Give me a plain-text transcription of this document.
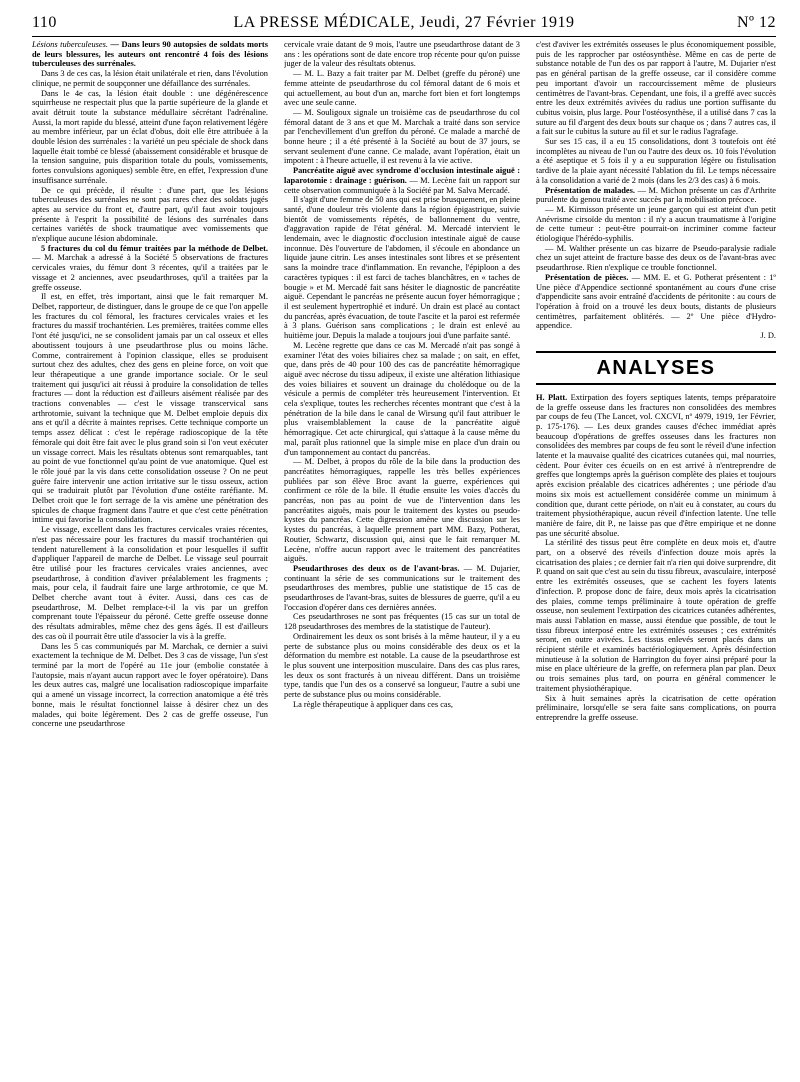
110	LA PRESSE MÉDICALE, Jeudi, 27 Février 1919	Nº 12

Lésions tuberculeuses. — Dans leurs 90 autopsies de soldats morts de leurs blessures, les auteurs ont rencontré 4 fois des lésions tuberculeuses des surrénales.

Dans 3 de ces cas, la lésion était unilatérale et rien, dans l'évolution clinique, ne permit de soupçonner une défaillance des surrénales.

Dans le 4e cas, la lésion était double : une dégénérescence squirrheuse ne respectait plus que la partie supérieure de la glande et avait détruit toute la substance médullaire sécrétant l'adrénaline. Aussi, la mort rapide du blessé, atteint d'une façon relativement légère au membre inférieur, par un éclat d'obus, doit elle être attribuée à la double lésion des surrénales : la variété un peu spéciale de shock dans laquelle était tombé ce blessé (abaissement considérable et brusque de la tension sanguine, puis disparition totale du pouls, vomissements, fortes convulsions agoniques) semble être, en effet, l'expression d'une insuffisance surrénale.

De ce qui précède, il résulte : d'une part, que les lésions tuberculeuses des surrénales ne sont pas rares chez des soldats jugés aptes au service du front et, d'autre part, qu'il faut avoir toujours présente à l'esprit la possibilité de lésions des surrénales dans certaines variétés de shock traumatique avec vomissements que n'explique aucune lésion abdominale.

5 fractures du col du fémur traitées par la méthode de Delbet. — M. Marchak a adressé à la Société 5 observations de fractures cervicales vraies, du fémur dont 3 récentes, qu'il a traitées par le vissage et 2 anciennes, avec pseudarthroses, qu'il a traitées par la greffe osseuse.

Il est, en effet, très important, ainsi que le fait remarquer M. Delbet, rapporteur, de distinguer, dans le groupe de ce que l'on appelle les fractures du col fémoral, les fractures cervicales vraies et les fractures du massif trochantérien. Les premières, traitées comme elles l'ont été jusqu'ici, ne se consolident jamais par un cal osseux et elles aboutissent toujours à une pseudarthrose plus ou moins lâche. Comme, contrairement à l'opinion classique, elles se produisent surtout chez des adultes, chez des gens en pleine force, on voit que leur thérapeutique a une grande importance sociale. Or le seul traitement qui jusqu'ici ait réussi à produire la consolidation de telles fractures — dont la réduction est d'ailleurs aisément réalisée par des tractions convenables — c'est le vissage transcervical sans arthrotomie, suivant la technique que M. Delbet emploie depuis dix ans et qu'il a décrite à maintes reprises. Cette technique comporte un temps assez délicat : c'est le repérage radioscopique de la tête fémorale qui doit être fait avec le plus grand soin si l'on veut exécuter un vissage correct. Mais les résultats obtenus sont remarquables, tant au point de vue fonctionnel qu'au point de vue anatomique. Quel est le rôle joué par la vis dans cette consolidation osseuse ? On ne peut guère faire intervenir une action irritative sur le tissu osseux, action qui se traduirait plutôt par l'évolution d'une ostéite raréfiante. M. Delbet croit que le fort serrage de la vis amène une pénétration des spicules de chaque fragment dans l'autre et que c'est cette pénétration intime qui favorise la consolidation.

Le vissage, excellent dans les fractures cervicales vraies récentes, n'est pas nécessaire pour les fractures du massif trochantérien qui tendent naturellement à la consolidation et pour lesquelles il suffit d'appliquer l'appareil de marche de Delbet. Le vissage seul pourrait être utilisé pour les fractures cervicales vraies anciennes, avec pseudarthrose, à condition d'aviver préalablement les fragments ; mais, pour cela, il faudrait faire une large arthrotomie, ce que M. Delbet cherche avant tout à éviter. Aussi, dans ces cas de pseudarthrose, M. Delbet remplace-t-il la vis par un greffon comprenant toute l'épaisseur du péroné. Cette greffe osseuse donne des résultats admirables, même chez des gens âgés. Il est d'ailleurs des cas où il pourrait être utile d'associer la vis à la greffe.

Dans les 5 cas communiqués par M. Marchak, ce dernier a suivi exactement la technique de M. Delbet. Des 3 cas de vissage, l'un s'est terminé par la mort de l'opéré au 11e jour (embolie constatée à l'autopsie, mais n'ayant aucun rapport avec le foyer opératoire). Dans les deux autres cas, malgré une localisation radioscopique imparfaite qui a amené un vissage incorrect, la correction anatomique a été très bonne, mais le résultat fonctionnel laisse à désirer chez un des malades, qui boite légèrement. Des 2 cas de greffe osseuse, l'un concerne une pseudarthrose

cervicale vraie datant de 9 mois, l'autre une pseudarthrose datant de 3 ans : les opérations sont de date encore trop récente pour qu'on puisse juger de la valeur des résultats obtenus.

— M. L. Bazy a fait traiter par M. Delbet (greffe du péroné) une femme atteinte de pseudarthrose du col fémoral datant de 6 mois et qui actuellement, au bout d'un an, marche fort bien et fort longtemps avec une seule canne.

— M. Souligoux signale un troisième cas de pseudarthrose du col fémoral datant de 3 ans et que M. Marchak a traité dans son service par l'enchevillement d'un greffon du péroné. Ce malade a marché de bonne heure ; il a été présenté à la Société au bout de 37 jours, se servant seulement d'une canne. Ce malade, avant l'opération, était un impotent : à l'heure actuelle, il est revenu à la vie active.

Pancréatite aiguë avec syndrome d'occlusion intestinale aiguë : laparotomie : drainage : guérison. — M. Lecène fait un rapport sur cette observation communiquée à la Société par M. Salva Mercadé.

Il s'agit d'une femme de 50 ans qui est prise brusquement, en pleine santé, d'une douleur très violente dans la région épigastrique, suivie bientôt de vomissements répétés, de ballonnement du ventre, d'aggravation rapide de l'état général. M. Mercadé intervient le lendemain, avec le diagnostic d'occlusion intestinale aiguë de cause inconnue. Dès l'ouverture de l'abdomen, il s'écoule en abondance un liquide jaune citrin. Les anses intestinales sont libres et se présentent sans la moindre trace d'inflammation. En revanche, l'épiploon a des caractères typiques : il est farci de taches blanchâtres, en « taches de bougie » et M. Mercadé fait sans hésiter le diagnostic de pancréatite aiguë. Cependant le pancréas ne présente aucun foyer hémorragique ; il est seulement hypertrophié et induré. Un drain est placé au contact du pancréas, après évacuation, de toute l'ascite et la paroi est refermée à 3 plans. Guérison sans complications ; le drain est enlevé au huitième jour. Depuis la malade a toujours joui d'une parfaite santé.

M. Lecène regrette que dans ce cas M. Mercadé n'ait pas songé à examiner l'état des voies biliaires chez sa malade ; on sait, en effet, que, dans près de 40 pour 100 des cas de pancréatite hémorragique aiguë avec nécrose du tissu adipeux, il existe une altération lithiasique des voies biliaires et souvent un drainage du cholédoque ou de la vésicule a permis de compléter très heureusement l'intervention. Et cela s'explique, toutes les recherches récentes montrant que c'est à la pénétration de la bile dans le canal de Wirsung qu'il faut attribuer le plus vraisemblablement la cause de la pancréatite aiguë hémorragique. Cet acte chirurgical, qui s'attaque à la cause même du mal, paraît plus rationnel que la simple mise en place d'un drain ou d'un tamponnement au contact du pancréas.

— M. Delbet, à propos du rôle de la bile dans la production des pancréatites hémorragiques, rappelle les très belles expériences publiées par son élève Broc avant la guerre, expériences qui confirment ce rôle de la bile. Il étudie ensuite les voies d'accès du pancréas, non pas au point de vue de l'intervention dans les pancréatites aiguës, mais pour le traitement des kystes ou pseudo-kystes du pancréas. Cette digression amène une discussion sur les kystes du pancréas, à laquelle prennent part MM. Bazy, Potherat, Routier, Schwartz, discussion qui, ainsi que le fait remarquer M. Lecène, n'offre aucun rapport avec le traitement des pancréatites aiguës.

Pseudarthroses des deux os de l'avant-bras. — M. Dujarier, continuant la série de ses communications sur le traitement des pseudarthroses des membres, publie une statistique de 15 cas de pseudarthroses de l'avant-bras, suites de blessures de guerre, qu'il a eu l'occasion d'opérer dans ces dernières années.

Ces pseudarthroses ne sont pas fréquentes (15 cas sur un total de 128 pseudarthroses des membres de la statistique de l'auteur).

Ordinairement les deux os sont brisés à la même hauteur, il y a eu perte de substance plus ou moins considérable des deux os et la déformation du membre est notable. La cause de la pseudarthrose est le plus souvent une interposition musculaire. Dans des cas plus rares, les deux os sont fracturés à un niveau différent. Dans un troisième type, tandis que l'un des os a conservé sa longueur, l'autre a subi une perte de substance plus ou moins considérable.

La règle thérapeutique à appliquer dans ces cas,

c'est d'aviver les extrémités osseuses le plus économiquement possible, puis de les rapprocher par ostéosynthèse. Même en cas de perte de substance notable de l'un des os par rapport à l'autre, M. Dujarier n'est pas en général partisan de la greffe osseuse, car il considère comme peu important d'avoir un raccourcissement même de plusieurs centimètres de l'avant-bras. Cependant, une fois, il a greffé avec succès entre les deux extrémités avivées du radius une portion suffisante du cubitus voisin, plus large. Pour l'ostéosynthèse, il a utilisé dans 7 cas la suture au fil d'argent des deux bouts sur chaque os ; dans 7 autres cas, il a fait sur le cubitus la suture au fil et sur le radius l'agrafage.

Sur ses 15 cas, il a eu 15 consolidations, dont 3 toutefois ont été incomplètes au niveau de l'un ou l'autre des deux os. 10 fois l'évolution a été aseptique et 5 fois il y a eu suppuration légère ou fistulisation tardive de la plaie ayant nécessité l'ablation du fil. Le temps nécessaire à la consolidation a varié de 2 mois (dans les 2/3 des cas) à 6 mois.

Présentation de malades. — M. Michon présente un cas d'Arthrite purulente du genou traité avec succès par la mobilisation précoce.

— M. Kirmisson présente un jeune garçon qui est atteint d'un petit Anévrisme cirsoïde du menton : il n'y a aucun traumatisme à l'origine de cette tumeur : peut-être pourrait-on incriminer comme facteur étiologique l'hérédo-syphilis.

— M. Walther présente un cas bizarre de Pseudo-paralysie radiale chez un sujet atteint de fracture basse des deux os de l'avant-bras avec pseudarthrose. Rien n'explique ce trouble fonctionnel.

Présentation de pièces. — MM. E. et G. Potherat présentent : 1º Une pièce d'Appendice sectionné spontanément au cours d'une crise d'appendicite sans avoir entraîné d'accidents de péritonite : au cours de l'opération à froid on a trouvé les deux bouts, distants de plusieurs centimètres, parfaitement oblitérés. — 2º Une pièce d'Hydro-appendice.

J. D.

ANALYSES

H. Platt. Extirpation des foyers septiques latents, temps préparatoire de la greffe osseuse dans les fractures non consolidées des membres par coups de feu (The Lancet, vol. CXCVI, nº 4979, 1919, 1er Février, p. 175-176). — Les deux grandes causes d'échec immédiat après beaucoup d'opérations de greffes osseuses dans les fractures non consolidées des membres par coups de feu sont le réveil d'une infection latente et la mauvaise qualité des cicatrices cutanées qui, mal nourries, cèdent. Pour éviter ces écueils on en est arrivé à n'entreprendre de greffes que longtemps après la guérison complète des plaies et toujours après excision préalable des cicatrices adhérentes ; une période d'au moins six mois est actuellement considérée comme un minimum à condition que, durant cette période, on n'ait eu à constater, au cours du traitement physiothérapique, aucun réveil d'infection latente. Une telle manière de faire, dit P., ne laisse pas que d'être empirique et ne donne pas une sécurité absolue.

La stérilité des tissus peut être complète en deux mois et, d'autre part, on a observé des réveils d'infection douze mois après la cicatrisation des plaies ; ce dernier fait n'a rien qui doive surprendre, dit P. quand on sait que c'est au sein du tissu fibreux, avasculaire, interposé entre les extrémités osseuses, que se cachent les foyers latents d'infection. P. propose donc de faire, deux mois après la cicatrisation des plaies, comme temps préliminaire à toute opération de greffe osseuse, non seulement l'extirpation des cicatrices cutanées adhérentes, mais aussi l'ablation en masse, aussi étendue que possible, de tout le tissu fibreux interposé entre les extrémités osseuses ; ces extrémités seront, en outre avivées. Les tissus enlevés seront placés dans un récipient stérile et examinés bactériologiquement. Après désinfection minutieuse à la solution de Harrington du foyer ainsi préparé pour la mise en place ultérieure de la greffe, on refermera plan par plan. Deux ou trois semaines plus tard, on pourra en général commencer le traitement physiothérapique.

Six à huit semaines après la cicatrisation de cette opération préliminaire, lorsqu'elle se sera faite sans complications, on pourra entreprendre la greffe osseuse.
